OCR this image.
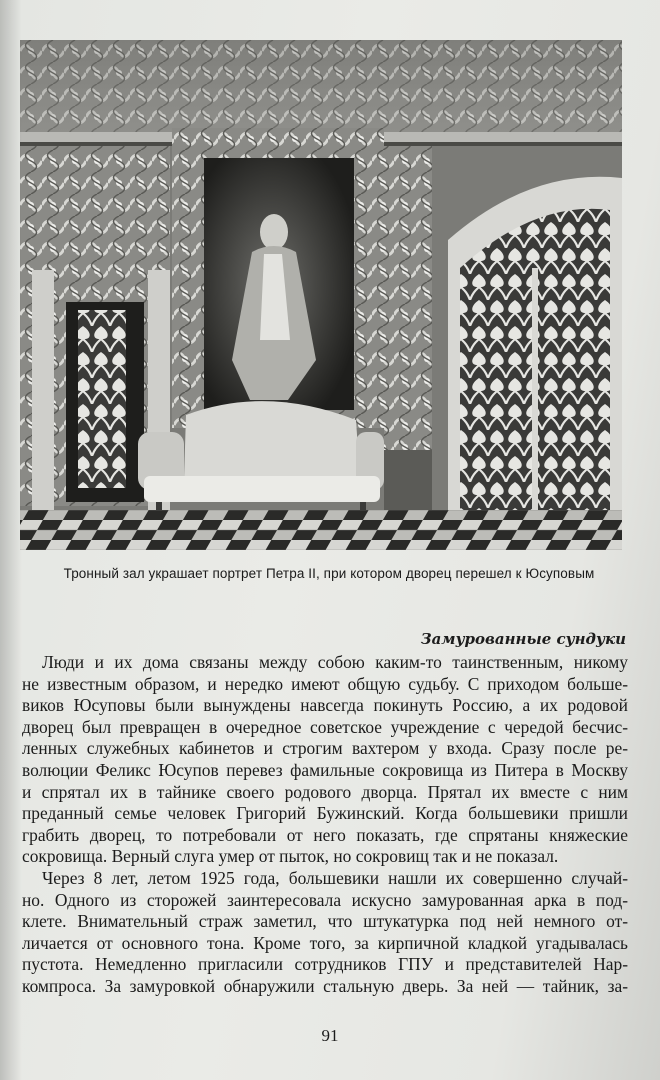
Тронный зал украшает портрет Петра II, при котором дворец перешел к Юсуповым
Замурованные сундуки
Люди и их дома связаны между собою каким-то таинственным, никому
не известным образом, и нередко имеют общую судьбу. С приходом больше-
виков Юсуповы были вынуждены навсегда покинуть Россию, а их родовой
дворец был превращен в очередное советское учреждение с чередой бесчис-
ленных служебных кабинетов и строгим вахтером у входа. Сразу после ре-
волюции Феликс Юсупов перевез фамильные сокровища из Питера в Москву
и спрятал их в тайнике своего родового дворца. Прятал их вместе с ним
преданный семье человек Григорий Бужинский. Когда большевики пришли
грабить дворец, то потребовали от него показать, где спрятаны княжеские
сокровища. Верный слуга умер от пыток, но сокровищ так и не показал.
Через 8 лет, летом 1925 года, большевики нашли их совершенно случай-
но. Одного из сторожей заинтересовала искусно замурованная арка в под-
клете. Внимательный страж заметил, что штукатурка под ней немного от-
личается от основного тона. Кроме того, за кирпичной кладкой угадывалась
пустота. Немедленно пригласили сотрудников ГПУ и представителей Нар-
компроса. За замуровкой обнаружили стальную дверь. За ней — тайник, за-
91
